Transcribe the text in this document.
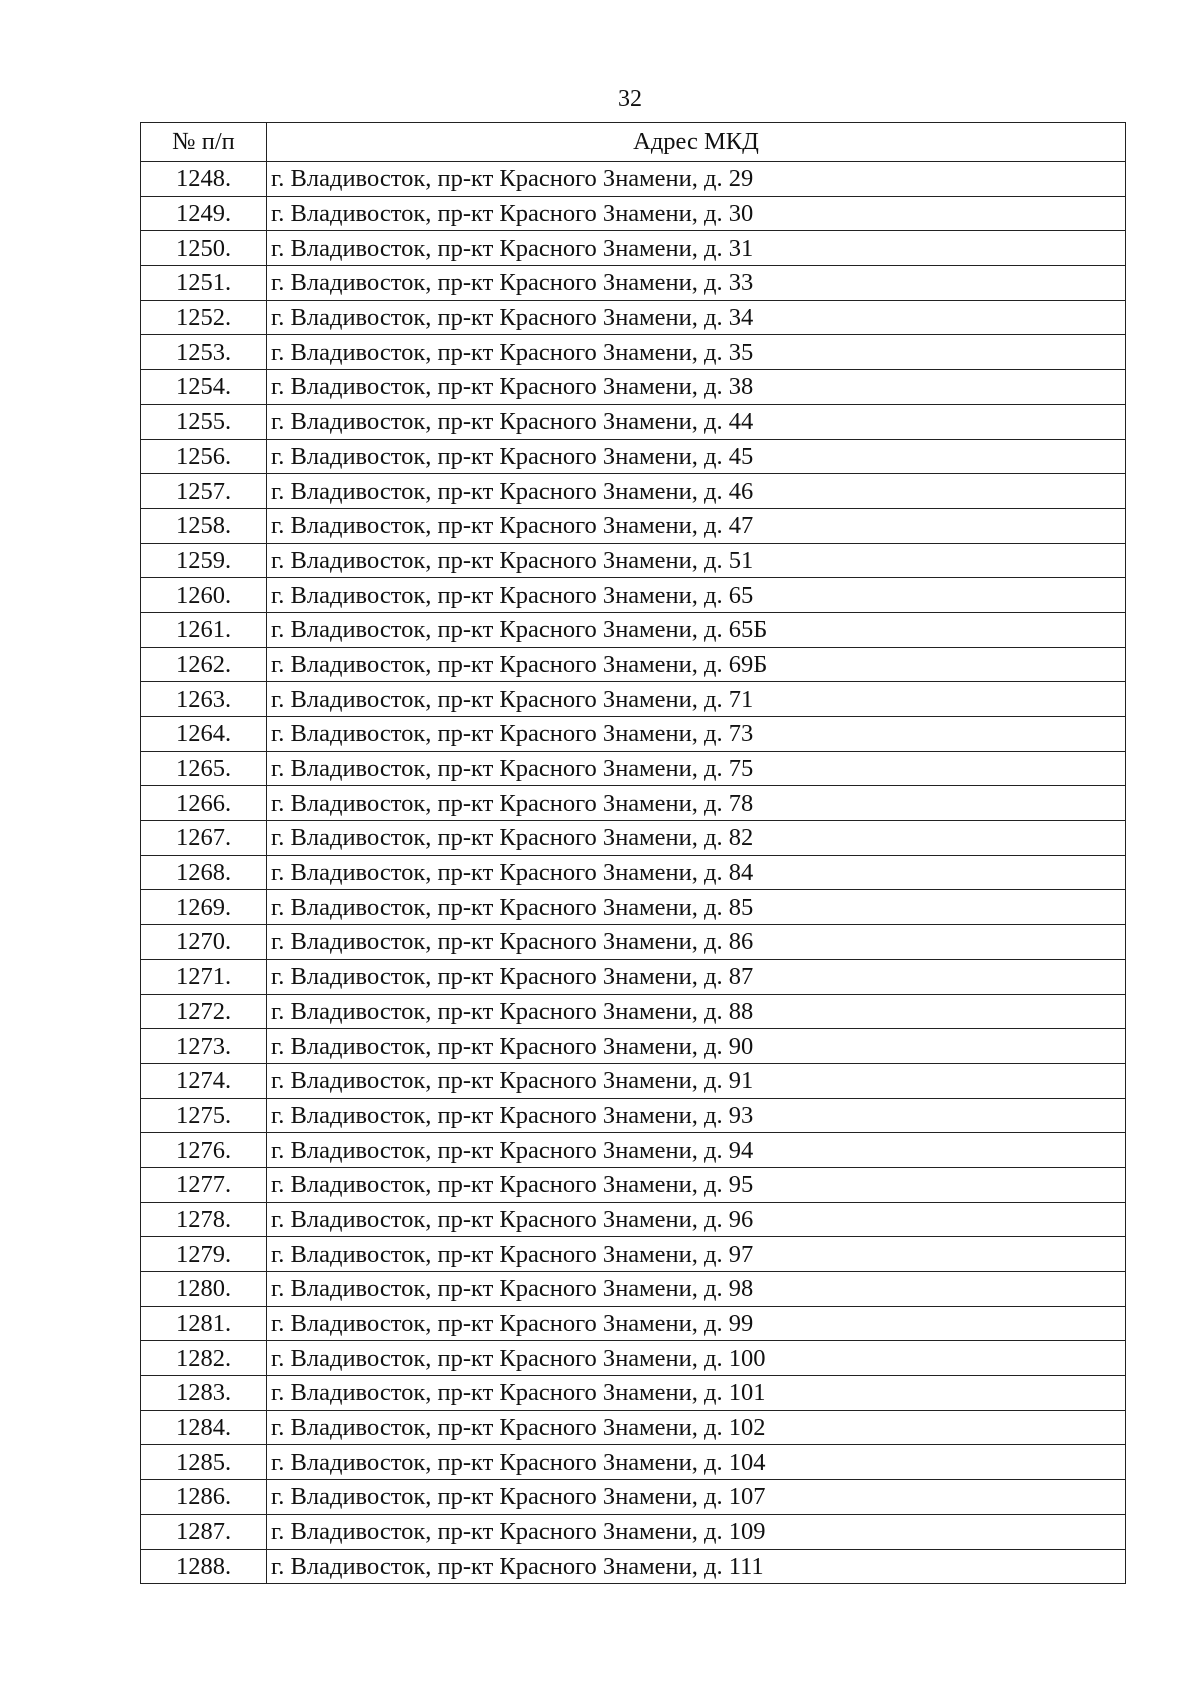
32
№ п/п	Адрес МКД
1248.	г. Владивосток, пр-кт Красного Знамени, д. 29
1249.	г. Владивосток, пр-кт Красного Знамени, д. 30
1250.	г. Владивосток, пр-кт Красного Знамени, д. 31
1251.	г. Владивосток, пр-кт Красного Знамени, д. 33
1252.	г. Владивосток, пр-кт Красного Знамени, д. 34
1253.	г. Владивосток, пр-кт Красного Знамени, д. 35
1254.	г. Владивосток, пр-кт Красного Знамени, д. 38
1255.	г. Владивосток, пр-кт Красного Знамени, д. 44
1256.	г. Владивосток, пр-кт Красного Знамени, д. 45
1257.	г. Владивосток, пр-кт Красного Знамени, д. 46
1258.	г. Владивосток, пр-кт Красного Знамени, д. 47
1259.	г. Владивосток, пр-кт Красного Знамени, д. 51
1260.	г. Владивосток, пр-кт Красного Знамени, д. 65
1261.	г. Владивосток, пр-кт Красного Знамени, д. 65Б
1262.	г. Владивосток, пр-кт Красного Знамени, д. 69Б
1263.	г. Владивосток, пр-кт Красного Знамени, д. 71
1264.	г. Владивосток, пр-кт Красного Знамени, д. 73
1265.	г. Владивосток, пр-кт Красного Знамени, д. 75
1266.	г. Владивосток, пр-кт Красного Знамени, д. 78
1267.	г. Владивосток, пр-кт Красного Знамени, д. 82
1268.	г. Владивосток, пр-кт Красного Знамени, д. 84
1269.	г. Владивосток, пр-кт Красного Знамени, д. 85
1270.	г. Владивосток, пр-кт Красного Знамени, д. 86
1271.	г. Владивосток, пр-кт Красного Знамени, д. 87
1272.	г. Владивосток, пр-кт Красного Знамени, д. 88
1273.	г. Владивосток, пр-кт Красного Знамени, д. 90
1274.	г. Владивосток, пр-кт Красного Знамени, д. 91
1275.	г. Владивосток, пр-кт Красного Знамени, д. 93
1276.	г. Владивосток, пр-кт Красного Знамени, д. 94
1277.	г. Владивосток, пр-кт Красного Знамени, д. 95
1278.	г. Владивосток, пр-кт Красного Знамени, д. 96
1279.	г. Владивосток, пр-кт Красного Знамени, д. 97
1280.	г. Владивосток, пр-кт Красного Знамени, д. 98
1281.	г. Владивосток, пр-кт Красного Знамени, д. 99
1282.	г. Владивосток, пр-кт Красного Знамени, д. 100
1283.	г. Владивосток, пр-кт Красного Знамени, д. 101
1284.	г. Владивосток, пр-кт Красного Знамени, д. 102
1285.	г. Владивосток, пр-кт Красного Знамени, д. 104
1286.	г. Владивосток, пр-кт Красного Знамени, д. 107
1287.	г. Владивосток, пр-кт Красного Знамени, д. 109
1288.	г. Владивосток, пр-кт Красного Знамени, д. 111
